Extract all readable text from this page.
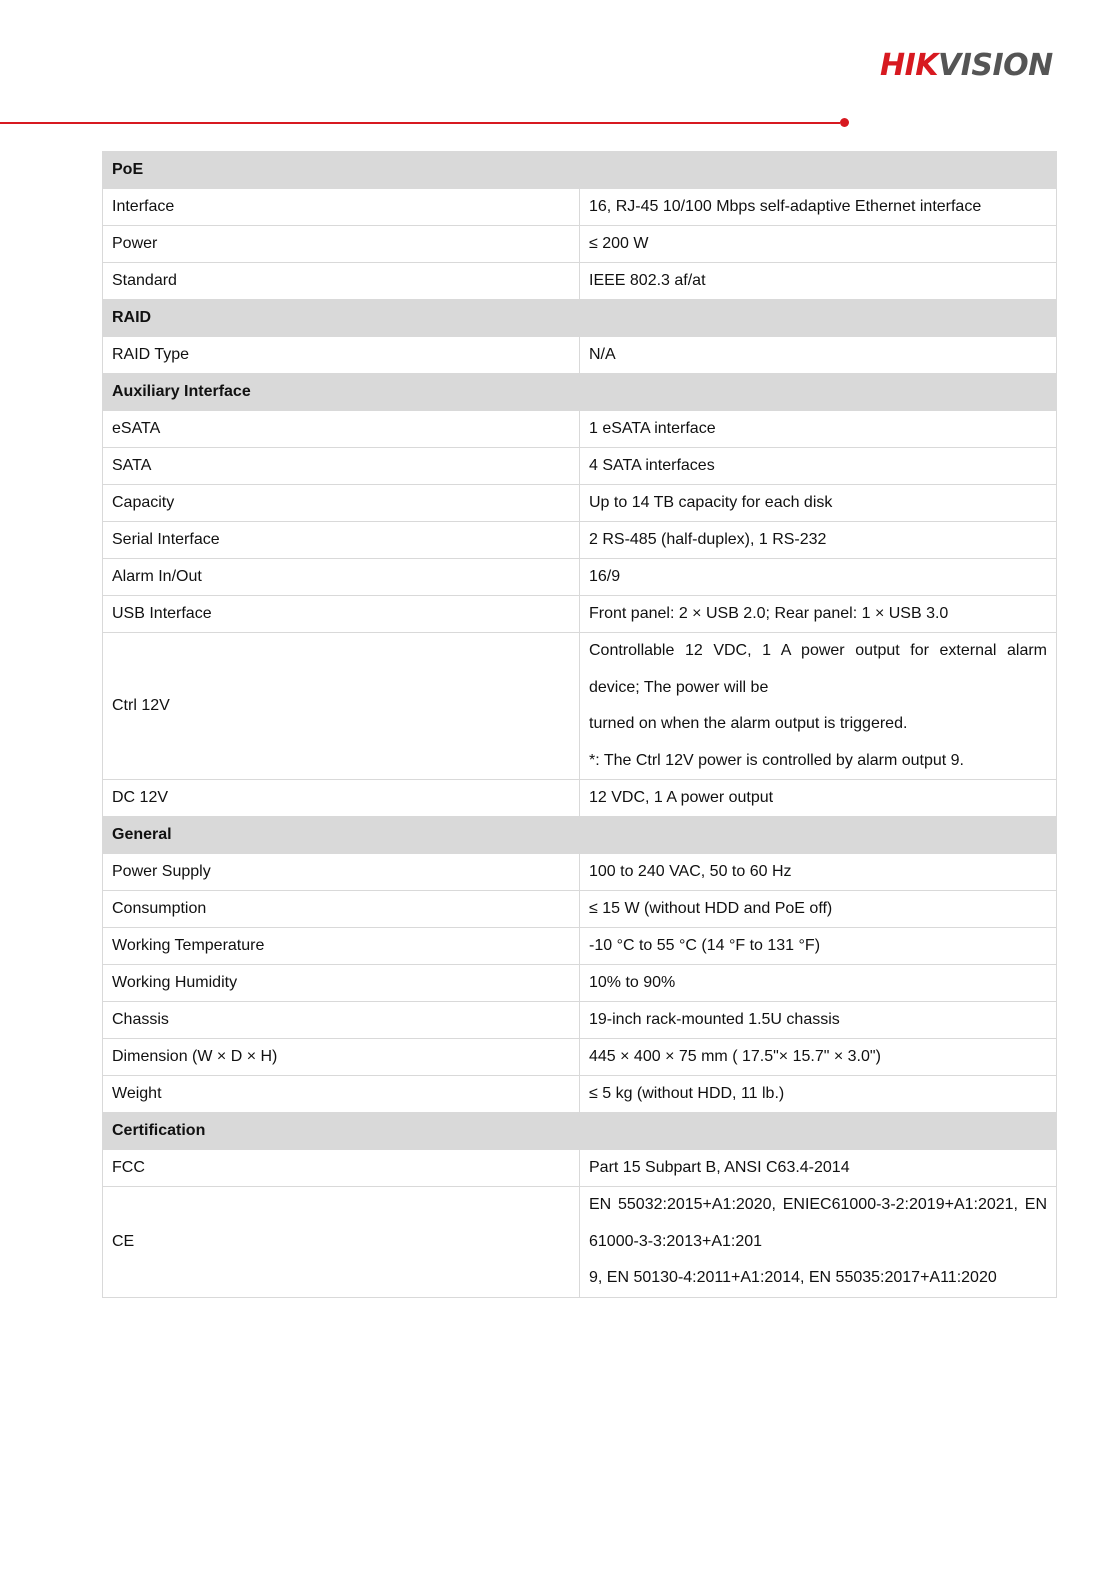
HIKVISION
PoE	
Interface	16, RJ-45 10/100 Mbps self-adaptive Ethernet interface
Power	≤ 200 W
Standard	IEEE 802.3 af/at
RAID	
RAID Type	N/A
Auxiliary Interface	
eSATA	1 eSATA interface
SATA	4 SATA interfaces
Capacity	Up to 14 TB capacity for each disk
Serial Interface	2 RS-485 (half-duplex), 1 RS-232
Alarm In/Out	16/9
USB Interface	Front panel: 2 × USB 2.0; Rear panel: 1 × USB 3.0
Ctrl 12V	Controllable 12 VDC, 1 A power output for external alarm device; The power will be
turned on when the alarm output is triggered.
*: The Ctrl 12V power is controlled by alarm output 9.

DC 12V	12 VDC, 1 A power output
General	
Power Supply	100 to 240 VAC, 50 to 60 Hz
Consumption	≤ 15 W (without HDD and PoE off)
Working Temperature	-10 °C to 55 °C (14 °F to 131 °F)
Working Humidity	10% to 90%
Chassis	19-inch rack-mounted 1.5U chassis
Dimension (W × D × H)	445 × 400 × 75 mm ( 17.5"× 15.7" × 3.0")
Weight	≤ 5 kg (without HDD, 11 lb.)
Certification	
FCC	Part 15 Subpart B, ANSI C63.4-2014
CE	EN 55032:2015+A1:2020, ENIEC61000-3-2:2019+A1:2021, EN 61000-3-3:2013+A1:201
9, EN 50130-4:2011+A1:2014, EN 55035:2017+A11:2020
